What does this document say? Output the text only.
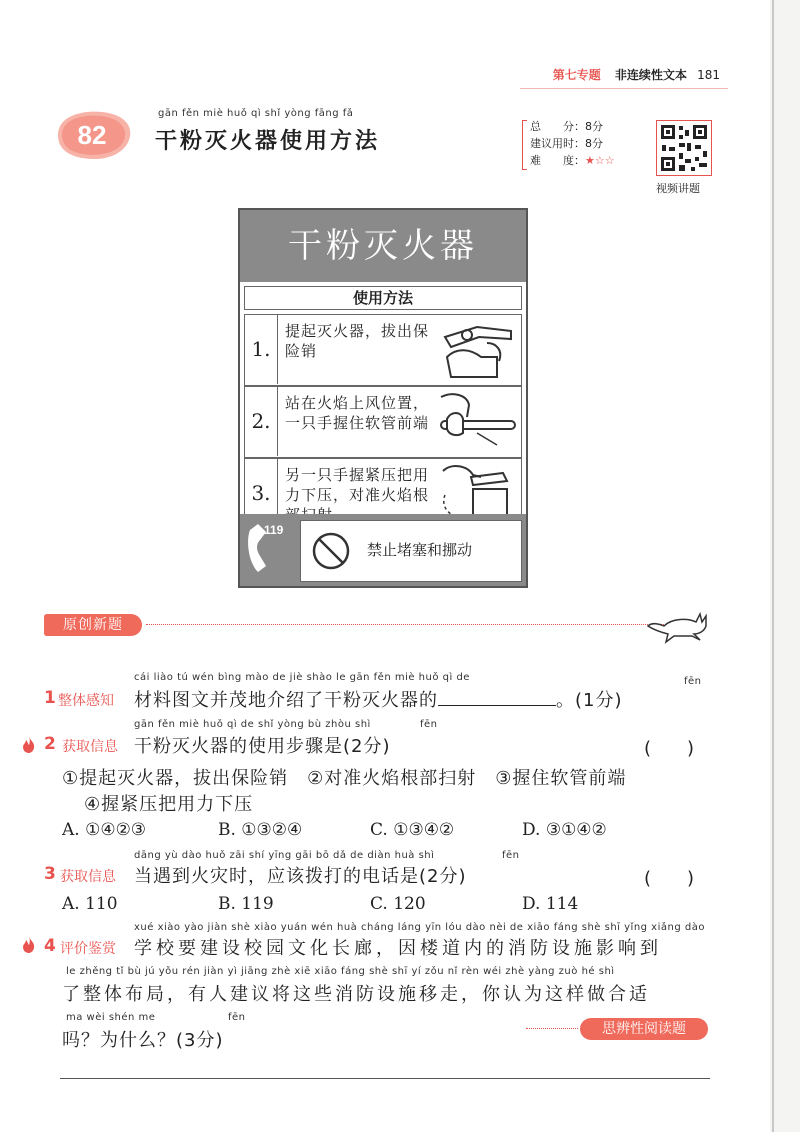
第七专题 非连续性文本 181
82
gān fěn miè huǒ qì shǐ yòng fāng fǎ
干粉灭火器使用方法
总　　分：8分
建议用时：8分
难　　度：★☆☆
视频讲题
干粉灭火器
使用方法
1.
提起灭火器，拔出保险销
2.
站在火焰上风位置，一只手握住软管前端
3.
另一只手握紧压把用力下压，对准火焰根
119
禁止堵塞和挪动
原创新题
cái liào tú wén bìng mào de jiè shào le gān fěn miè huǒ qì de	fēn
1 整体感知 材料图文并茂地介绍了干粉灭火器的	。(1分)
gān fěn miè huǒ qì de shǐ yòng bù zhòu shì	fēn
2 获取信息 干粉灭火器的使用步骤是(2分)	(　　)
①提起灭火器，拔出保险销　②对准火焰根部扫射　③握住软管前端
④握紧压把用力下压
A. ①④②③	B. ①③②④	C. ①③④②	D. ③①④②
dāng yù dào huǒ zāi shí yīng gāi bō dǎ de diàn huà shì	fēn
3 获取信息 当遇到火灾时，应该拨打的电话是(2分)	(　　)
A. 110	B. 119	C. 120	D. 114
xué xiào yào jiàn shè xiào yuán wén huà cháng láng yīn lóu dào nèi de xiāo fáng shè shī yǐng xiǎng dào
4 评价鉴赏 学校要建设校园文化长廊，因楼道内的消防设施影响到
le zhěng tǐ bù jú yǒu rén jiàn yì jiāng zhè xiē xiāo fáng shè shī yí zǒu nǐ rèn wéi zhè yàng zuò hé shì
了整体布局，有人建议将这些消防设施移走，你认为这样做合适
ma wèi shén me	fēn
吗？为什么？(3分)
思辨性阅读题
